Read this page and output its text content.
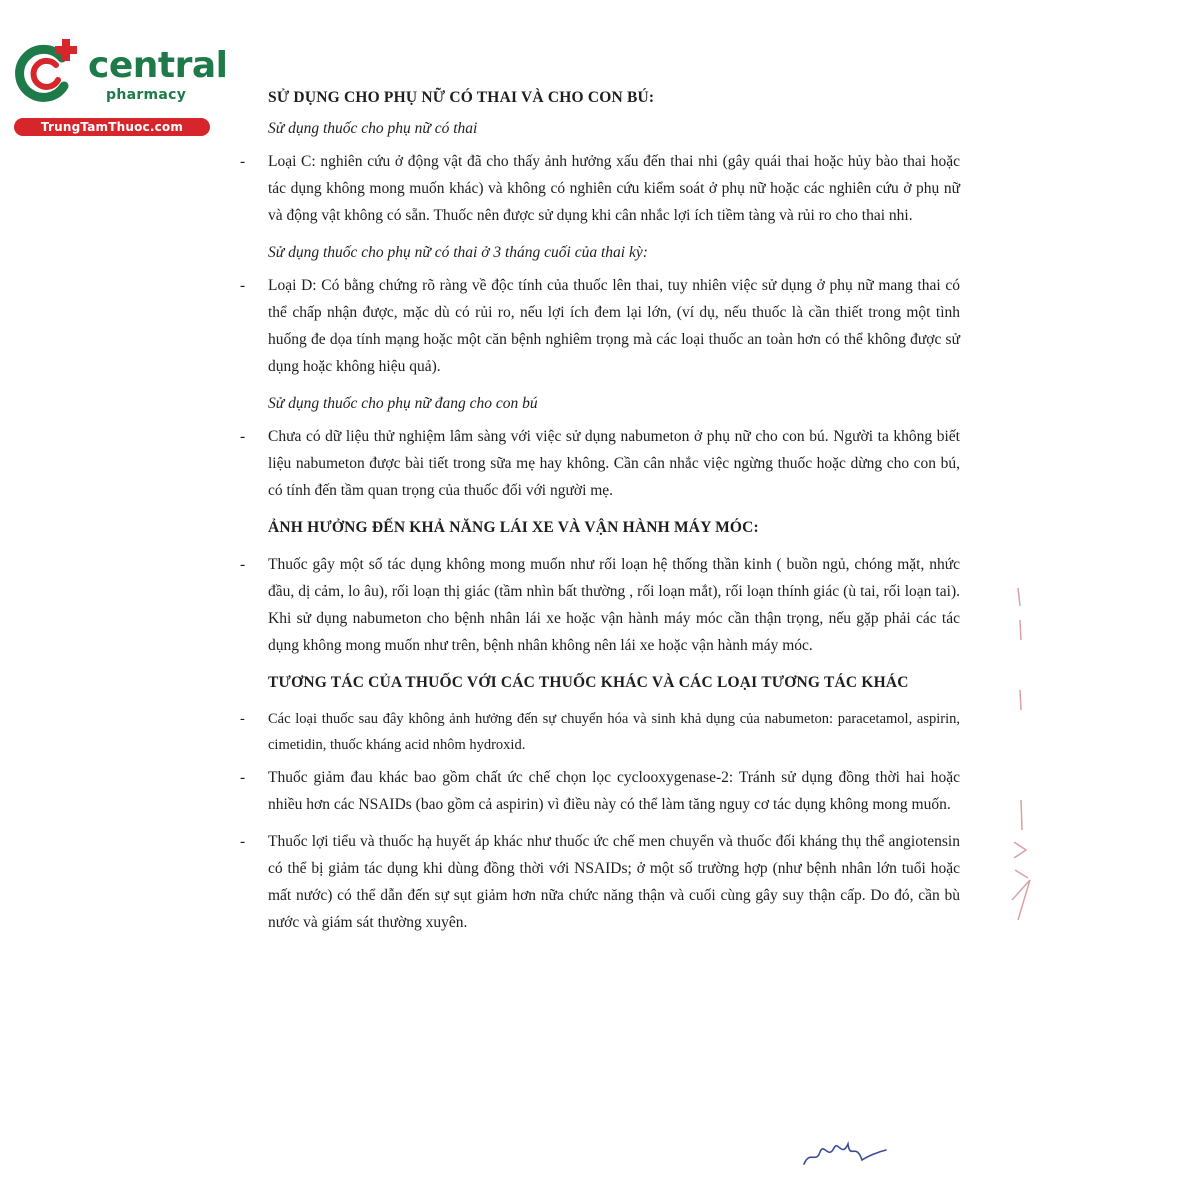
central
pharmacy
TrungTamThuoc.com
SỬ DỤNG CHO PHỤ NỮ CÓ THAI VÀ CHO CON BÚ:
Sử dụng thuốc cho phụ nữ có thai
- Loại C: nghiên cứu ở động vật đã cho thấy ảnh hưởng xấu đến thai nhi (gây quái thai hoặc hủy bào thai hoặc tác dụng không mong muốn khác) và không có nghiên cứu kiểm soát ở phụ nữ hoặc các nghiên cứu ở phụ nữ và động vật không có sẵn. Thuốc nên được sử dụng khi cân nhắc lợi ích tiềm tàng và rủi ro cho thai nhi.
Sử dụng thuốc cho phụ nữ có thai ở 3 tháng cuối của thai kỳ:
- Loại D: Có bằng chứng rõ ràng về độc tính của thuốc lên thai, tuy nhiên việc sử dụng ở phụ nữ mang thai có thể chấp nhận được, mặc dù có rủi ro, nếu lợi ích đem lại lớn, (ví dụ, nếu thuốc là cần thiết trong một tình huống đe dọa tính mạng hoặc một căn bệnh nghiêm trọng mà các loại thuốc an toàn hơn có thể không được sử dụng hoặc không hiệu quả).
Sử dụng thuốc cho phụ nữ đang cho con bú
- Chưa có dữ liệu thử nghiệm lâm sàng với việc sử dụng nabumeton ở phụ nữ cho con bú. Người ta không biết liệu nabumeton được bài tiết trong sữa mẹ hay không. Cần cân nhắc việc ngừng thuốc hoặc dừng cho con bú, có tính đến tầm quan trọng của thuốc đối với người mẹ.
ẢNH HƯỞNG ĐẾN KHẢ NĂNG LÁI XE VÀ VẬN HÀNH MÁY MÓC:
- Thuốc gây một số tác dụng không mong muốn như rối loạn hệ thống thần kinh ( buồn ngủ, chóng mặt, nhức đầu, dị cảm, lo âu), rối loạn thị giác (tầm nhìn bất thường , rối loạn mắt), rối loạn thính giác (ù tai, rối loạn tai). Khi sử dụng nabumeton cho bệnh nhân lái xe hoặc vận hành máy móc cần thận trọng, nếu gặp phải các tác dụng không mong muốn như trên, bệnh nhân không nên lái xe hoặc vận hành máy móc.
TƯƠNG TÁC CỦA THUỐC VỚI CÁC THUỐC KHÁC VÀ CÁC LOẠI TƯƠNG TÁC KHÁC
- Các loại thuốc sau đây không ảnh hưởng đến sự chuyển hóa và sinh khả dụng của nabumeton: paracetamol, aspirin, cimetidin, thuốc kháng acid nhôm hydroxid.
- Thuốc giảm đau khác bao gồm chất ức chế chọn lọc cyclooxygenase-2: Tránh sử dụng đồng thời hai hoặc nhiều hơn các NSAIDs (bao gồm cả aspirin) vì điều này có thể làm tăng nguy cơ tác dụng không mong muốn.
- Thuốc lợi tiểu và thuốc hạ huyết áp khác như thuốc ức chế men chuyển và thuốc đối kháng thụ thể angiotensin có thể bị giảm tác dụng khi dùng đồng thời với NSAIDs; ở một số trường hợp (như bệnh nhân lớn tuổi hoặc mất nước) có thể dẫn đến sự sụt giảm hơn nữa chức năng thận và cuối cùng gây suy thận cấp. Do đó, cần bù nước và giám sát thường xuyên.
